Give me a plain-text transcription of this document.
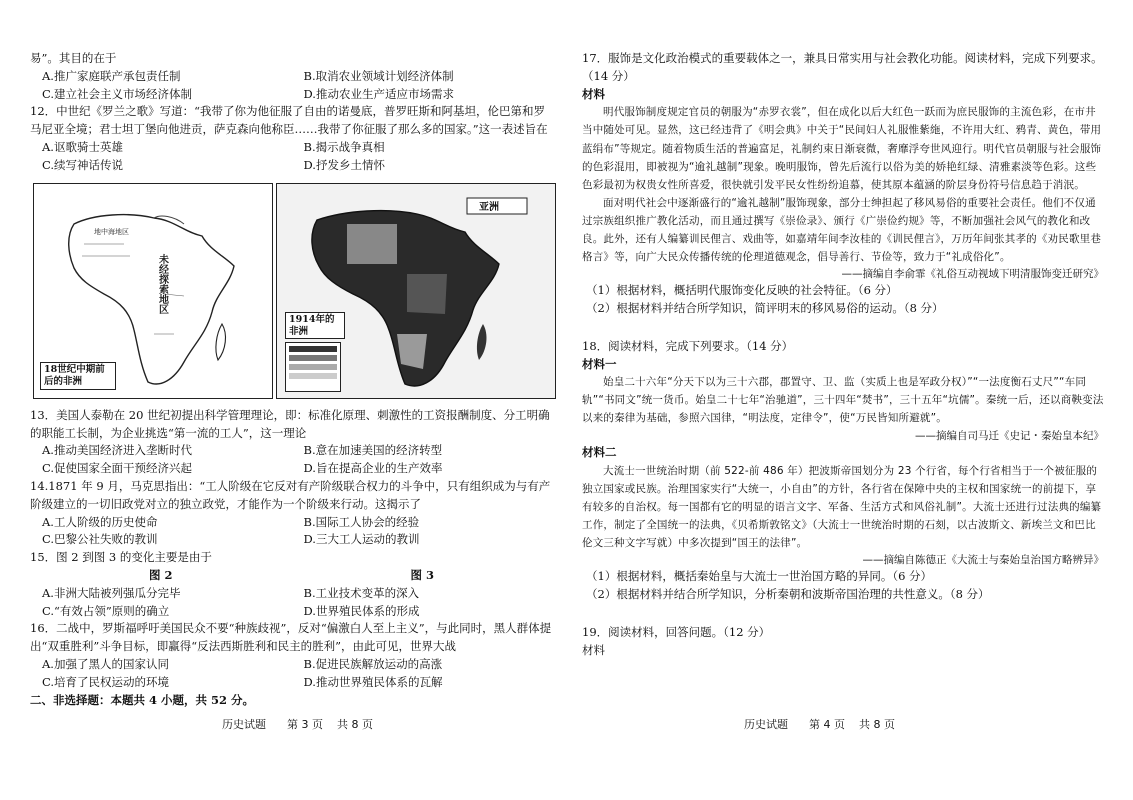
易”。其目的在于

A.推广家庭联产承包责任制	B.取消农业领域计划经济体制
C.建立社会主义市场经济体制	D.推动农业生产适应市场需求

12．中世纪《罗兰之歌》写道：“我带了你为他征服了自由的诺曼底，普罗旺斯和阿基坦，伦巴第和罗马尼亚全境；君士坦丁堡向他进贡，萨克森向他称臣……我带了你征服了那么多的国家。”这一表述旨在

A.讴歌骑士英雄	B.揭示战争真相
C.续写神话传说	D.抒发乡土情怀
地中海地区
未经探索地区
18世纪中期前后的非洲
亚洲
1914年的非洲

13．美国人泰勒在 20 世纪初提出科学管理理论，即：标准化原理、刺激性的工资报酬制度、分工明确的职能工长制，为企业挑选“第一流的工人”，这一理论

A.推动美国经济进入垄断时代	B.意在加速美国的经济转型
C.促使国家全面干预经济兴起	D.旨在提高企业的生产效率

14.1871 年 9 月，马克思指出：“工人阶级在它反对有产阶级联合权力的斗争中，只有组织成为与有产阶级建立的一切旧政党对立的独立政党，才能作为一个阶级来行动。这揭示了

A.工人阶级的历史使命	B.国际工人协会的经验
C.巴黎公社失败的教训	D.三大工人运动的教训

15．图 2 到图 3 的变化主要是由于

图 2	图 3
A.非洲大陆被列强瓜分完毕	B.工业技术变革的深入
C.“有效占领”原则的确立	D.世界殖民体系的形成

16．二战中，罗斯福呼吁美国民众不要“种族歧视”，反对“偏激白人至上主义”，与此同时，黑人群体提出“双重胜利”斗争目标，即赢得“反法西斯胜利和民主的胜利”，由此可见，世界大战

A.加强了黑人的国家认同	B.促进民族解放运动的高涨
C.培育了民权运动的环境	D.推动世界殖民体系的瓦解

二、非选择题：本题共 4 小题，共 52 分。

历史试题      第 3 页    共 8 页

17．服饰是文化政治模式的重要载体之一，兼具日常实用与社会教化功能。阅读材料，完成下列要求。（14 分）

材料

明代服饰制度规定官员的朝服为“赤罗衣裳”，但在成化以后大红色一跃而为庶民服饰的主流色彩，在市井当中随处可见。显然，这已经违背了《明会典》中关于“民间妇人礼服惟紫絁，不许用大红、鸦青、黄色，带用蓝绢布”等规定。随着物质生活的普遍富足，礼制约束日渐衰微，奢靡浮夸世风迎行。明代官员朝服与社会服饰的色彩混用，即被视为“逾礼越制”现象。晚明服饰，曾先后流行以俗为美的娇艳红绿、清雅素淡等色彩。这些色彩最初为权贵女性所喜爱，很快就引发平民女性纷纷追慕，使其原本蕴涵的阶层身份符号信息趋于消泯。

面对明代社会中逐渐盛行的“逾礼越制”服饰现象，部分士绅担起了移风易俗的重要社会责任。他们不仅通过宗族组织推广教化活动，而且通过撰写《崇俭录》、颁行《广崇俭约规》等，不断加强社会风气的教化和改良。此外，还有人编纂训民俚言、戏曲等，如嘉靖年间李汝桂的《训民俚言》，万历年间张其孝的《劝民歌里巷格言》等，向广大民众传播传统的伦理道德观念，倡导善行、节俭等，致力于“礼成俗化”。

——摘编自李俞霏《礼俗互动视域下明清服饰变迁研究》

（1）根据材料，概括明代服饰变化反映的社会特征。（6 分）

（2）根据材料并结合所学知识，简评明末的移风易俗的运动。（8 分）

18．阅读材料，完成下列要求。（14 分）

材料一

始皇二十六年“分天下以为三十六郡，郡置守、卫、监（实质上也是军政分权）”“一法度衡石丈尺”“车同轨”“书同文”统一货币。始皇二十七年“治驰道”，三十四年“焚书”，三十五年“坑儒”。秦统一后，还以商鞅变法以来的秦律为基础，参照六国律，“明法度，定律令”，使“万民皆知所避就”。

——摘编自司马迁《史记・秦始皇本纪》

材料二

大流士一世统治时期（前 522-前 486 年）把波斯帝国划分为 23 个行省，每个行省相当于一个被征服的独立国家或民族。治理国家实行“大统一，小自由”的方针，各行省在保障中央的主权和国家统一的前提下，享有较多的自治权。每一国都有它的明显的语言文字、军备、生活方式和风俗礼制”。大流士还进行过法典的编纂工作，制定了全国统一的法典，《贝希斯敦铭文》（大流士一世统治时期的石刻，以古波斯文、新埃兰文和巴比伦文三种文字写就）中多次提到“国王的法律”。

——摘编自陈德正《大流士与秦始皇治国方略辨异》

（1）根据材料，概括秦始皇与大流士一世治国方略的异同。（6 分）

（2）根据材料并结合所学知识，分析秦朝和波斯帝国治理的共性意义。（8 分）

19．阅读材料，回答问题。（12 分）

材料

历史试题      第 4 页    共 8 页
